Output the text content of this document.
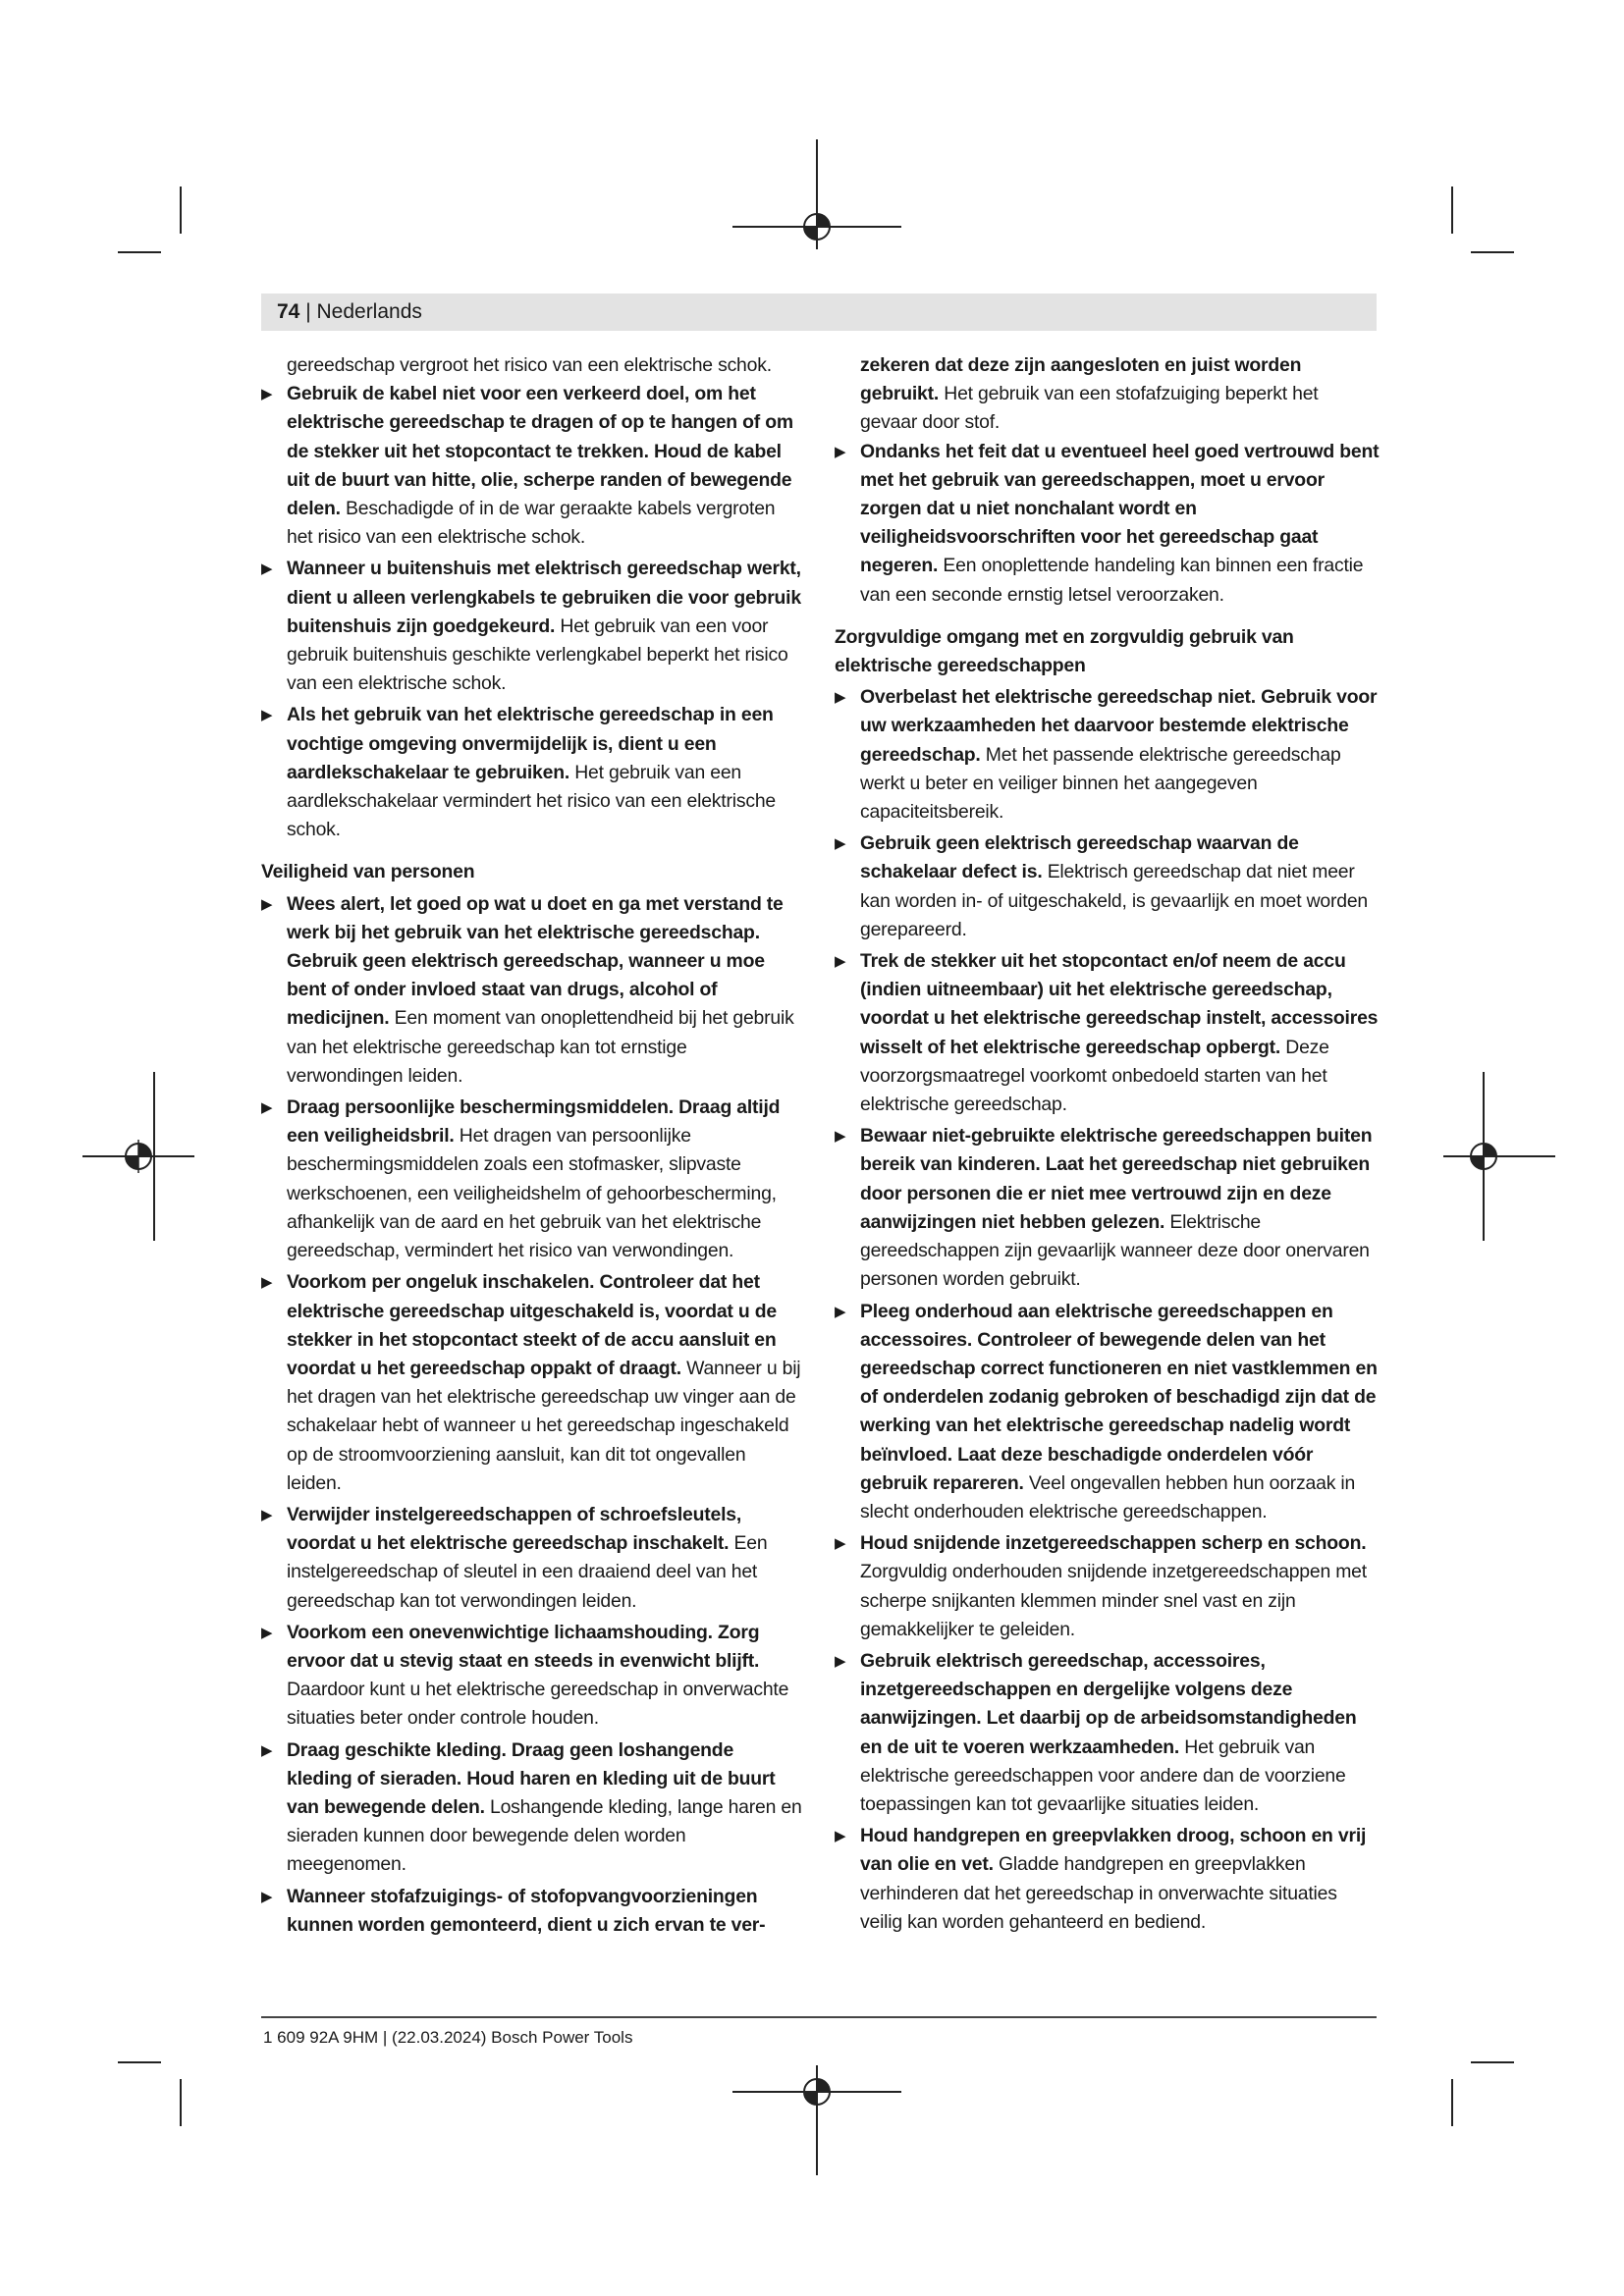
74 | Nederlands

gereedschap vergroot het risico van een elektrische schok.

▶ Gebruik de kabel niet voor een verkeerd doel, om het elektrische gereedschap te dragen of op te hangen of om de stekker uit het stopcontact te trekken. Houd de kabel uit de buurt van hitte, olie, scherpe randen of bewegende delen. Beschadigde of in de war geraakte kabels vergroten het risico van een elektrische schok.

▶ Wanneer u buitenshuis met elektrisch gereedschap werkt, dient u alleen verlengkabels te gebruiken die voor gebruik buitenshuis zijn goedgekeurd. Het gebruik van een voor gebruik buitenshuis geschikte verlengkabel beperkt het risico van een elektrische schok.

▶ Als het gebruik van het elektrische gereedschap in een vochtige omgeving onvermijdelijk is, dient u een aardlekschakelaar te gebruiken. Het gebruik van een aardlekschakelaar vermindert het risico van een elektrische schok.

Veiligheid van personen

▶ Wees alert, let goed op wat u doet en ga met verstand te werk bij het gebruik van het elektrische gereedschap. Gebruik geen elektrisch gereedschap, wanneer u moe bent of onder invloed staat van drugs, alcohol of medicijnen. Een moment van onoplettendheid bij het gebruik van het elektrische gereedschap kan tot ernstige verwondingen leiden.

▶ Draag persoonlijke beschermingsmiddelen. Draag altijd een veiligheidsbril. Het dragen van persoonlijke beschermingsmiddelen zoals een stofmasker, slipvaste werkschoenen, een veiligheidshelm of gehoorbescherming, afhankelijk van de aard en het gebruik van het elektrische gereedschap, vermindert het risico van verwondingen.

▶ Voorkom per ongeluk inschakelen. Controleer dat het elektrische gereedschap uitgeschakeld is, voordat u de stekker in het stopcontact steekt of de accu aansluit en voordat u het gereedschap oppakt of draagt. Wanneer u bij het dragen van het elektrische gereedschap uw vinger aan de schakelaar hebt of wanneer u het gereedschap ingeschakeld op de stroomvoorziening aansluit, kan dit tot ongevallen leiden.

▶ Verwijder instelgereedschappen of schroefsleutels, voordat u het elektrische gereedschap inschakelt. Een instelgereedschap of sleutel in een draaiend deel van het gereedschap kan tot verwondingen leiden.

▶ Voorkom een onevenwichtige lichaamshouding. Zorg ervoor dat u stevig staat en steeds in evenwicht blijft. Daardoor kunt u het elektrische gereedschap in onverwachte situaties beter onder controle houden.

▶ Draag geschikte kleding. Draag geen loshangende kleding of sieraden. Houd haren en kleding uit de buurt van bewegende delen. Loshangende kleding, lange haren en sieraden kunnen door bewegende delen worden meegenomen.

▶ Wanneer stofafzuigings- of stofopvangvoorzieningen kunnen worden gemonteerd, dient u zich ervan te ver-

zekeren dat deze zijn aangesloten en juist worden gebruikt. Het gebruik van een stofafzuiging beperkt het gevaar door stof.

▶ Ondanks het feit dat u eventueel heel goed vertrouwd bent met het gebruik van gereedschappen, moet u ervoor zorgen dat u niet nonchalant wordt en veiligheidsvoorschriften voor het gereedschap gaat negeren. Een onoplettende handeling kan binnen een fractie van een seconde ernstig letsel veroorzaken.

Zorgvuldige omgang met en zorgvuldig gebruik van elektrische gereedschappen

▶ Overbelast het elektrische gereedschap niet. Gebruik voor uw werkzaamheden het daarvoor bestemde elektrische gereedschap. Met het passende elektrische gereedschap werkt u beter en veiliger binnen het aangegeven capaciteitsbereik.

▶ Gebruik geen elektrisch gereedschap waarvan de schakelaar defect is. Elektrisch gereedschap dat niet meer kan worden in- of uitgeschakeld, is gevaarlijk en moet worden gerepareerd.

▶ Trek de stekker uit het stopcontact en/of neem de accu (indien uitneembaar) uit het elektrische gereedschap, voordat u het elektrische gereedschap instelt, accessoires wisselt of het elektrische gereedschap opbergt. Deze voorzorgsmaatregel voorkomt onbedoeld starten van het elektrische gereedschap.

▶ Bewaar niet-gebruikte elektrische gereedschappen buiten bereik van kinderen. Laat het gereedschap niet gebruiken door personen die er niet mee vertrouwd zijn en deze aanwijzingen niet hebben gelezen. Elektrische gereedschappen zijn gevaarlijk wanneer deze door onervaren personen worden gebruikt.

▶ Pleeg onderhoud aan elektrische gereedschappen en accessoires. Controleer of bewegende delen van het gereedschap correct functioneren en niet vastklemmen en of onderdelen zodanig gebroken of beschadigd zijn dat de werking van het elektrische gereedschap nadelig wordt beïnvloed. Laat deze beschadigde onderdelen vóór gebruik repareren. Veel ongevallen hebben hun oorzaak in slecht onderhouden elektrische gereedschappen.

▶ Houd snijdende inzetgereedschappen scherp en schoon. Zorgvuldig onderhouden snijdende inzetgereedschappen met scherpe snijkanten klemmen minder snel vast en zijn gemakkelijker te geleiden.

▶ Gebruik elektrisch gereedschap, accessoires, inzetgereedschappen en dergelijke volgens deze aanwijzingen. Let daarbij op de arbeidsomstandigheden en de uit te voeren werkzaamheden. Het gebruik van elektrische gereedschappen voor andere dan de voorziene toepassingen kan tot gevaarlijke situaties leiden.

▶ Houd handgrepen en greepvlakken droog, schoon en vrij van olie en vet. Gladde handgrepen en greepvlakken verhinderen dat het gereedschap in onverwachte situaties veilig kan worden gehanteerd en bediend.

1 609 92A 9HM | (22.03.2024) Bosch Power Tools
